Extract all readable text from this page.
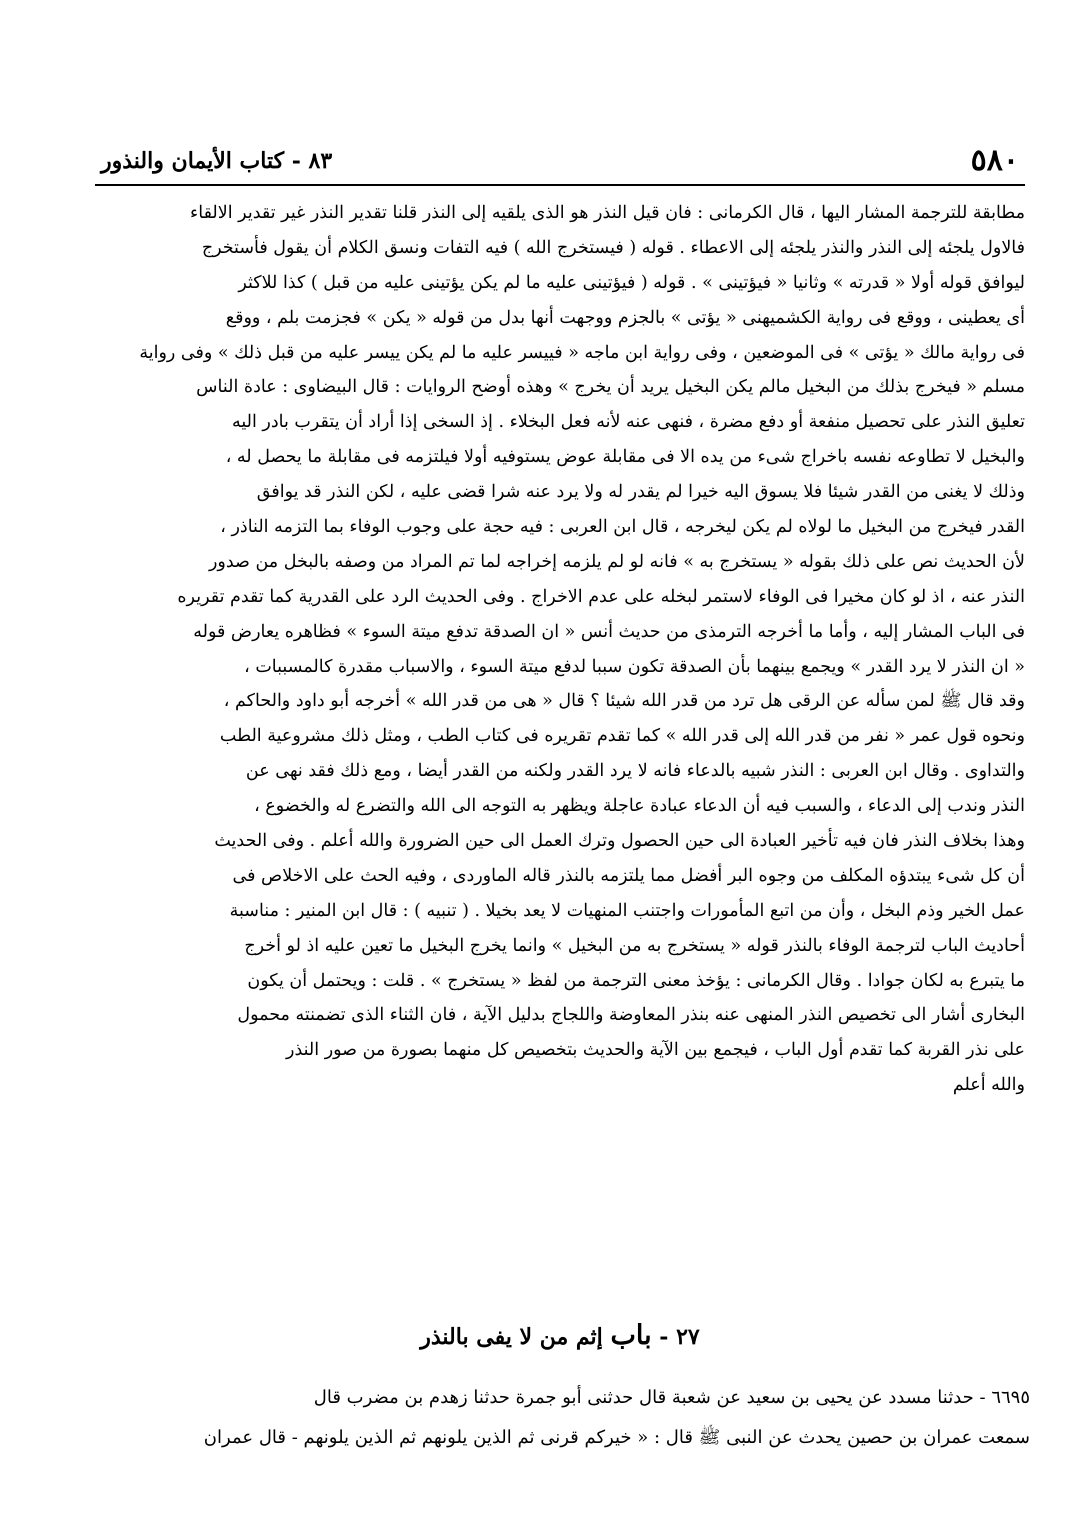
٥٨٠
٨٣ - كتاب الأيمان والنذور
مطابقة للترجمة المشار اليها ، قال الكرمانى : فان قيل النذر هو الذى يلقيه إلى النذر قلنا تقدير النذر غير تقدير الالقاء
فالاول يلجئه إلى النذر والنذر يلجئه إلى الاعطاء . قوله ( فيستخرج الله ) فيه التفات ونسق الكلام أن يقول فأستخرج
ليوافق قوله أولا « قدرته » وثانيا « فيؤتينى » . قوله ( فيؤتينى عليه ما لم يكن يؤتينى عليه من قبل ) كذا للاكثر
أى يعطينى ، ووقع فى رواية الكشميهنى « يؤتى » بالجزم ووجهت أنها بدل من قوله « يكن » فجزمت بلم ، ووقع
فى رواية مالك « يؤتى » فى الموضعين ، وفى رواية ابن ماجه « فييسر عليه ما لم يكن ييسر عليه من قبل ذلك » وفى رواية
مسلم « فيخرج بذلك من البخيل مالم يكن البخيل يريد أن يخرج » وهذه أوضح الروايات : قال البيضاوى : عادة الناس
تعليق النذر على تحصيل منفعة أو دفع مضرة ، فنهى عنه لأنه فعل البخلاء . إذ السخى إذا أراد أن يتقرب بادر اليه
والبخيل لا تطاوعه نفسه باخراج شىء من يده الا فى مقابلة عوض يستوفيه أولا فيلتزمه فى مقابلة ما يحصل له ،
وذلك لا يغنى من القدر شيئا فلا يسوق اليه خيرا لم يقدر له ولا يرد عنه شرا قضى عليه ، لكن النذر قد يوافق
القدر فيخرج من البخيل ما لولاه لم يكن ليخرجه ، قال ابن العربى : فيه حجة على وجوب الوفاء بما التزمه الناذر ،
لأن الحديث نص على ذلك بقوله « يستخرج به » فانه لو لم يلزمه إخراجه لما تم المراد من وصفه بالبخل من صدور
النذر عنه ، اذ لو كان مخيرا فى الوفاء لاستمر لبخله على عدم الاخراج . وفى الحديث الرد على القدرية كما تقدم تقريره
فى الباب المشار إليه ، وأما ما أخرجه الترمذى من حديث أنس « ان الصدقة تدفع ميتة السوء » فظاهره يعارض قوله
« ان النذر لا يرد القدر » ويجمع بينهما بأن الصدقة تكون سببا لدفع ميتة السوء ، والاسباب مقدرة كالمسببات ،
وقد قال ﷺ لمن سأله عن الرقى هل ترد من قدر الله شيئا ؟ قال « هى من قدر الله » أخرجه أبو داود والحاكم ،
ونحوه قول عمر « نفر من قدر الله إلى قدر الله » كما تقدم تقريره فى كتاب الطب ، ومثل ذلك مشروعية الطب
والتداوى . وقال ابن العربى : النذر شبيه بالدعاء فانه لا يرد القدر ولكنه من القدر أيضا ، ومع ذلك فقد نهى عن
النذر وندب إلى الدعاء ، والسبب فيه أن الدعاء عبادة عاجلة ويظهر به التوجه الى الله والتضرع له والخضوع ،
وهذا بخلاف النذر فان فيه تأخير العبادة الى حين الحصول وترك العمل الى حين الضرورة والله أعلم . وفى الحديث
أن كل شىء يبتدؤه المكلف من وجوه البر أفضل مما يلتزمه بالنذر قاله الماوردى ، وفيه الحث على الاخلاص فى
عمل الخير وذم البخل ، وأن من اتبع المأمورات واجتنب المنهيات لا يعد بخيلا . ( تنبيه ) : قال ابن المنير : مناسبة
أحاديث الباب لترجمة الوفاء بالنذر قوله « يستخرج به من البخيل » وانما يخرج البخيل ما تعين عليه اذ لو أخرج
ما يتبرع به لكان جوادا . وقال الكرمانى : يؤخذ معنى الترجمة من لفظ « يستخرج » . قلت : ويحتمل أن يكون
البخارى أشار الى تخصيص النذر المنهى عنه بنذر المعاوضة واللجاج بدليل الآية ، فان الثناء الذى تضمنته محمول
على نذر القربة كما تقدم أول الباب ، فيجمع بين الآية والحديث بتخصيص كل منهما بصورة من صور النذر
والله أعلم
٢٧ - باب إثم من لا يفى بالنذر
٦٦٩٥ - حدثنا مسدد عن يحيى بن سعيد عن شعبة قال حدثنى أبو جمرة حدثنا زهدم بن مضرب قال
سمعت عمران بن حصين يحدث عن النبى ﷺ قال : « خيركم قرنى ثم الذين يلونهم ثم الذين يلونهم - قال عمران
